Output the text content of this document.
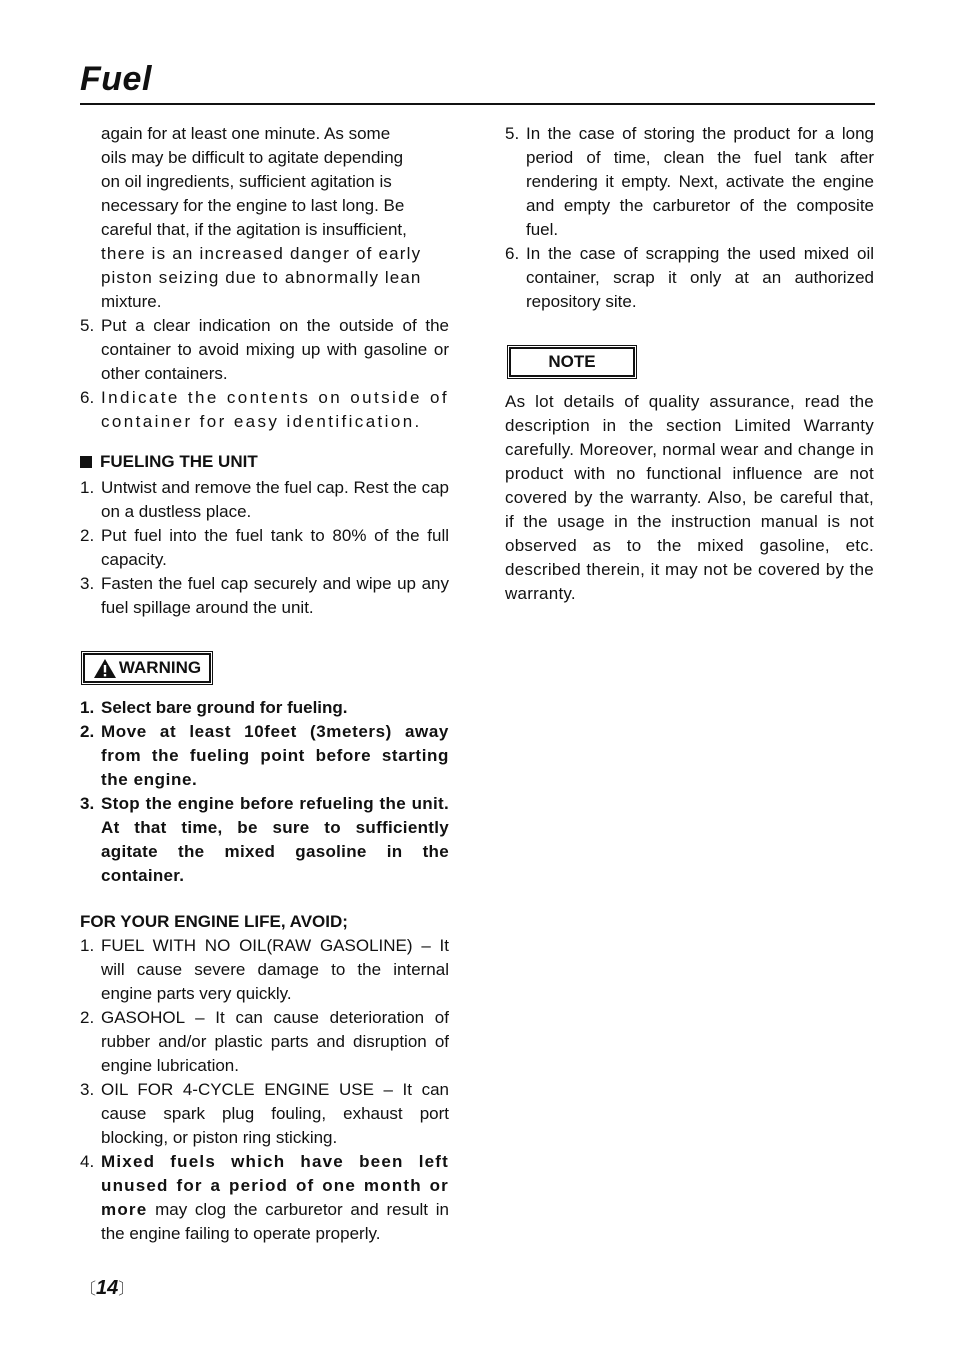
Fuel
again for at least one minute. As some
oils may be difficult to agitate depending
on oil ingredients, sufficient agitation is
necessary for the engine to last long. Be
careful that, if the agitation is insufficient,
there is an increased danger of early
piston seizing due to abnormally lean
mixture.
5. Put a clear indication on the outside of the container to avoid mixing up with gasoline or other containers.
6. Indicate the contents on outside of container for easy identification.
FUELING THE UNIT
1. Untwist and remove the fuel cap. Rest the cap on a dustless place.
2. Put fuel into the fuel tank to 80% of the full capacity.
3. Fasten the fuel cap securely and wipe up any fuel spillage around the unit.
WARNING
1. Select bare ground for fueling.
2. Move at least 10feet (3meters) away from the fueling point before starting the engine.
3. Stop the engine before refueling the unit. At that time, be sure to sufficiently agitate the mixed gasoline in the container.
FOR YOUR ENGINE LIFE, AVOID;
1. FUEL WITH NO OIL(RAW GASOLINE) – It will cause severe damage to the internal engine parts very quickly.
2. GASOHOL – It can cause deterioration of rubber and/or plastic parts and disruption of engine lubrication.
3. OIL FOR 4-CYCLE ENGINE USE – It can cause spark plug fouling, exhaust port blocking, or piston ring sticking.
4. Mixed fuels which have been left unused for a period of one month or more may clog the carburetor and result in the engine failing to operate properly.
5. In the case of storing the product for a long period of time, clean the fuel tank after rendering it empty. Next, activate the engine and empty the carburetor of the composite fuel.
6. In the case of scrapping the used mixed oil container, scrap it only at an authorized repository site.
NOTE
As lot details of quality assurance, read the description in the section Limited Warranty carefully. Moreover, normal wear and change in product with no functional influence are not covered by the warranty. Also, be careful that, if the usage in the instruction manual is not observed as to the mixed gasoline, etc. described therein, it may not be covered by the warranty.
〔14〕
